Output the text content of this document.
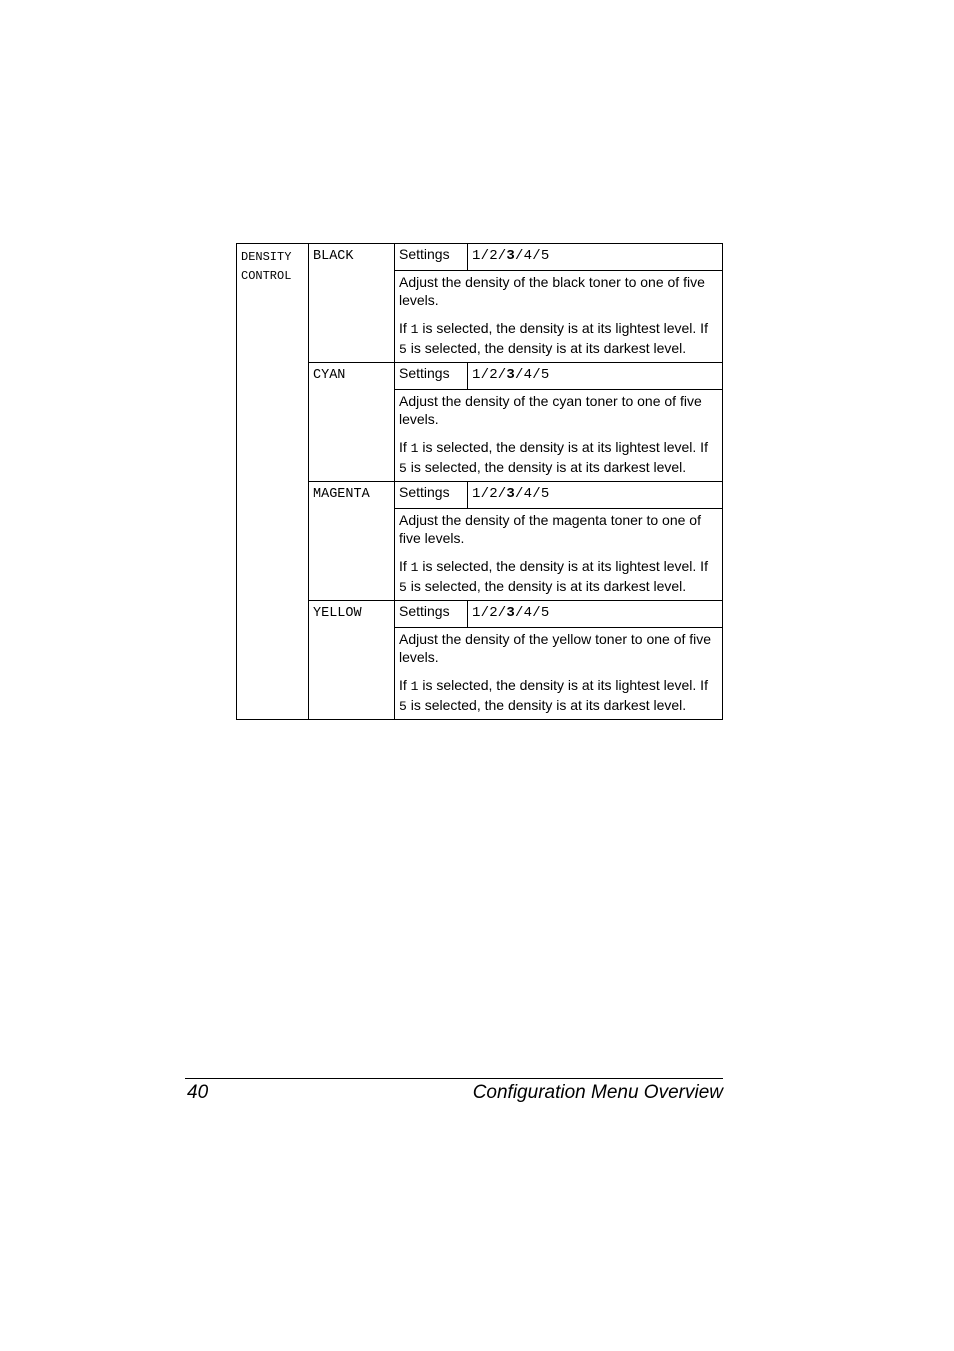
DENSITY
CONTROL	BLACK	Settings	1/2/3/4/5

		Adjust the density of the black toner to one of five levels.

If 1 is selected, the density is at its lightest level. If 5 is selected, the density is at its darkest level.	

	CYAN	Settings	1/2/3/4/5

		Adjust the density of the cyan toner to one of five levels.

If 1 is selected, the density is at its lightest level. If 5 is selected, the density is at its darkest level.	

	MAGENTA	Settings	1/2/3/4/5

		Adjust the density of the magenta toner to one of five levels.

If 1 is selected, the density is at its lightest level. If 5 is selected, the density is at its darkest level.	

	YELLOW	Settings	1/2/3/4/5

		Adjust the density of the yellow toner to one of five levels.

If 1 is selected, the density is at its lightest level. If 5 is selected, the density is at its darkest level.	

40	Configuration Menu Overview
